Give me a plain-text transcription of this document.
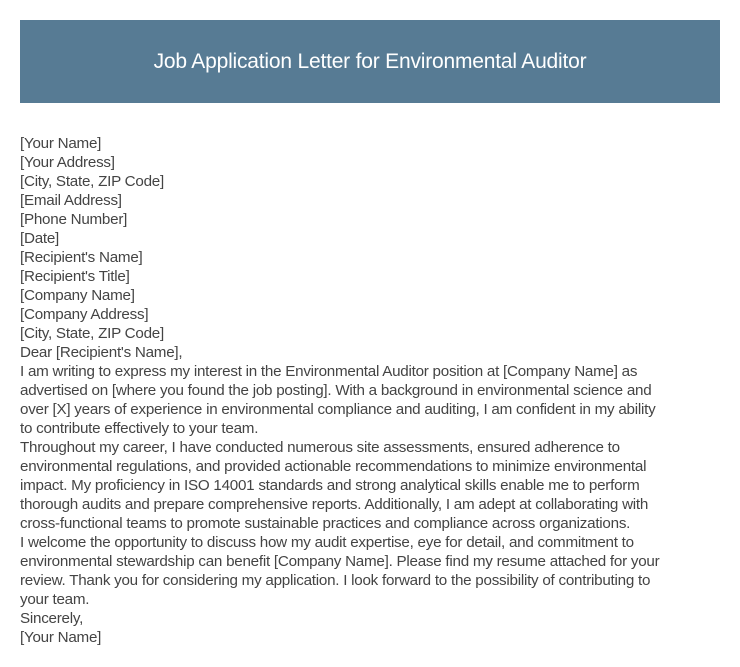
Job Application Letter for Environmental Auditor
[Your Name]
[Your Address]
[City, State, ZIP Code]
[Email Address]
[Phone Number]
[Date]
[Recipient's Name]
[Recipient's Title]
[Company Name]
[Company Address]
[City, State, ZIP Code]
Dear [Recipient's Name],
I am writing to express my interest in the Environmental Auditor position at [Company Name] as
advertised on [where you found the job posting]. With a background in environmental science and
over [X] years of experience in environmental compliance and auditing, I am confident in my ability
to contribute effectively to your team.
Throughout my career, I have conducted numerous site assessments, ensured adherence to
environmental regulations, and provided actionable recommendations to minimize environmental
impact. My proficiency in ISO 14001 standards and strong analytical skills enable me to perform
thorough audits and prepare comprehensive reports. Additionally, I am adept at collaborating with
cross-functional teams to promote sustainable practices and compliance across organizations.
I welcome the opportunity to discuss how my audit expertise, eye for detail, and commitment to
environmental stewardship can benefit [Company Name]. Please find my resume attached for your
review. Thank you for considering my application. I look forward to the possibility of contributing to
your team.
Sincerely,
[Your Name]
